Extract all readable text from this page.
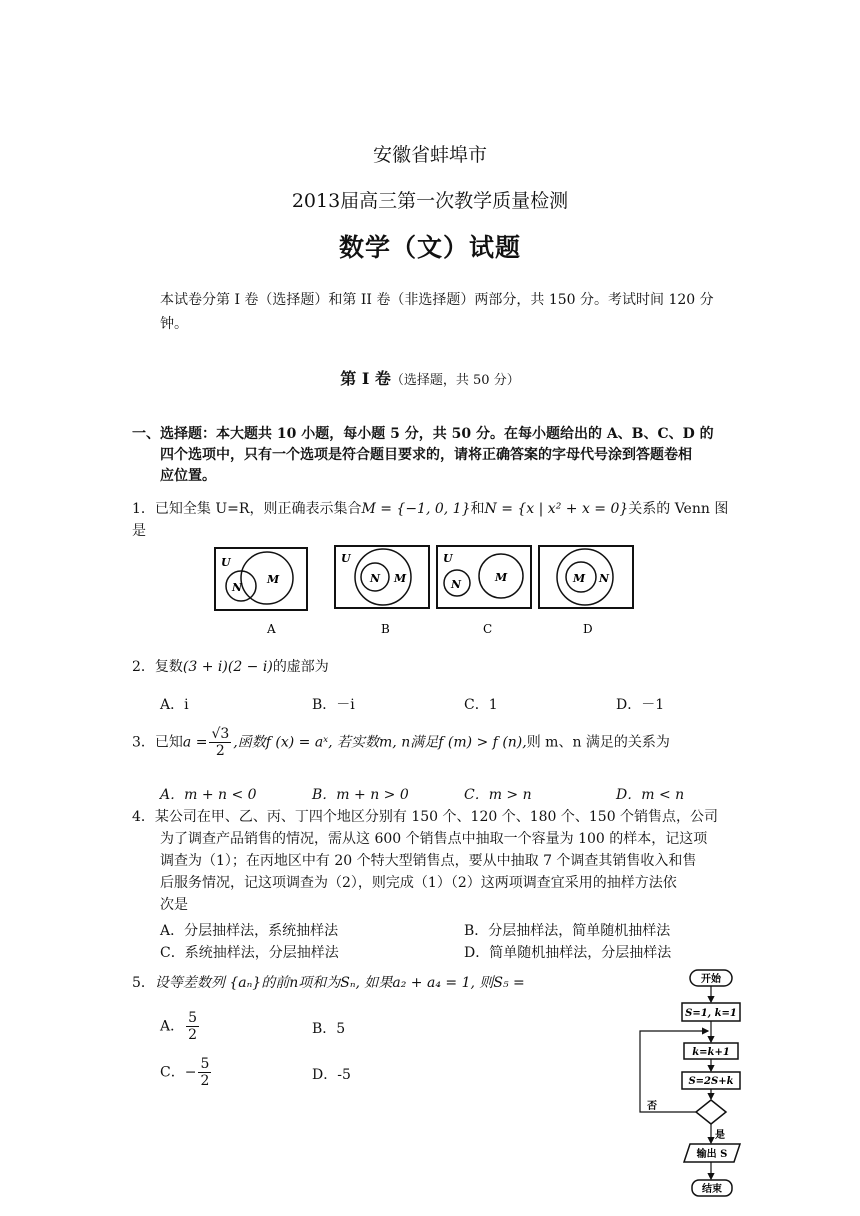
安徽省蚌埠市
2013届高三第一次教学质量检测
数学（文）试题
本试卷分第 I 卷（选择题）和第 II 卷（非选择题）两部分，共 150 分。考试时间 120 分钟。
第 Ⅰ 卷（选择题，共 50 分）
一、选择题：本大题共 10 小题，每小题 5 分，共 50 分。在每小题给出的 A、B、C、D 的
四个选项中，只有一个选项是符合题目要求的，请将正确答案的字母代号涂到答题卷相
应位置。
1．已知全集 U=R，则正确表示集合M = {−1, 0, 1}和N = {x | x² + x = 0}关系的 Venn 图是
U
N
M
A
U
N M
B
U
N
M
C
M N
D
2．复数(3 + i)(2 − i)的虚部为
A．i	B．－i	C．1	D．－1
3．已知$a = \frac{√3}{2}$ ,函数f (x) = aˣ, 若实数m, n满足f (m) > f (n),则 m、n 满足的关系为
A．m + n < 0	B．m + n > 0	C．m > n	D．m < n
4．某公司在甲、乙、丙、丁四个地区分别有 150 个、120 个、180 个、150 个销售点，公司
为了调查产品销售的情况，需从这 600 个销售点中抽取一个容量为 100 的样本，记这项
调查为（1）；在丙地区中有 20 个特大型销售点，要从中抽取 7 个调查其销售收入和售
后服务情况，记这项调查为（2），则完成（1）（2）这两项调查宜采用的抽样方法依
次是
A．分层抽样法，系统抽样法	B．分层抽样法，简单随机抽样法
C．系统抽样法，分层抽样法	D．简单随机抽样法，分层抽样法
5．设等差数列 {aₙ}的前n项和为Sₙ, 如果a₂ + a₄ = 1, 则S₅ =
A． $\frac{5}{2}$	B．5
C．− $\frac{5}{2}$	D．-5
开始
S=1, k=1
k=k+1
S=2S+k
否
是
输出 S
结束
